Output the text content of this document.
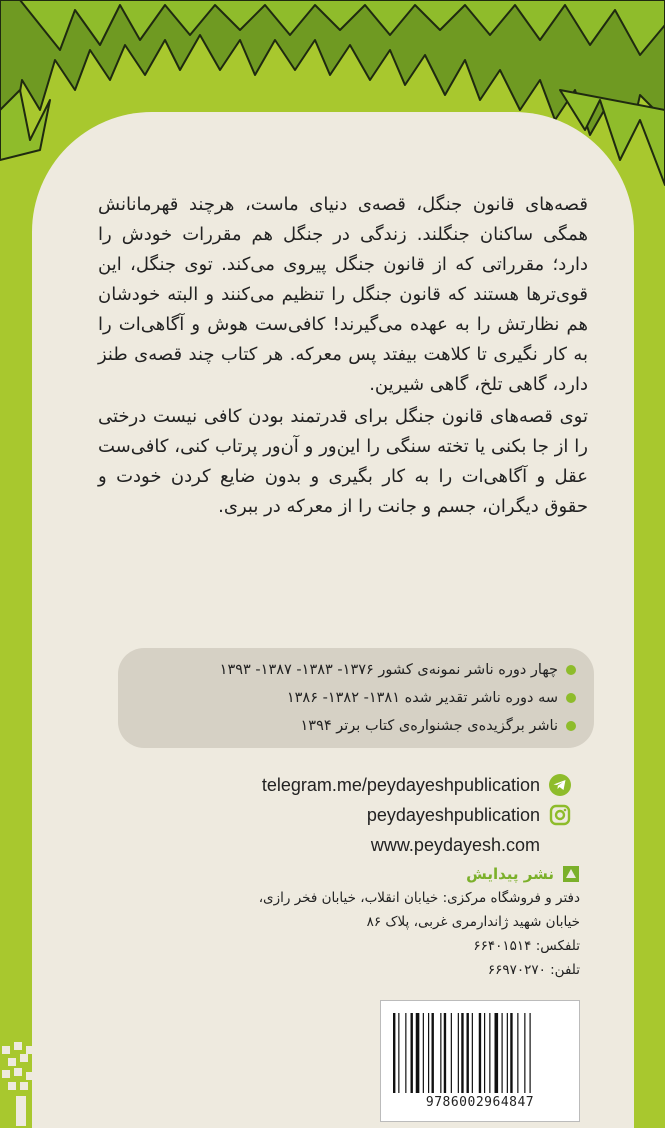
قصه‌های قانون جنگل، قصه‌ی دنیای ماست، هرچند قهرمانانش همگی ساکنان جنگلند. زندگی در جنگل هم مقررات خودش را دارد؛ مقرراتی که از قانون جنگل پیروی می‌کند. توی جنگل، این قوی‌ترها هستند که قانون جنگل را تنظیم می‌کنند و البته خودشان هم نظارتش را به عهده می‌گیرند! کافی‌ست هوش و آگاهی‌ات را به کار نگیری تا کلاهت بیفتد پس معرکه. هر کتاب چند قصه‌ی طنز دارد، گاهی تلخ، گاهی شیرین.

توی قصه‌های قانون جنگل برای قدرتمند بودن کافی نیست درختی را از جا بکنی یا تخته سنگی را این‌ور و آن‌ور پرتاب کنی، کافی‌ست عقل و آگاهی‌ات را به کار بگیری و بدون ضایع کردن خودت و حقوق دیگران، جسم و جانت را از معرکه در ببری.

چهار دوره ناشر نمونه‌ی کشور ۱۳۷۶- ۱۳۸۳- ۱۳۸۷- ۱۳۹۳
سه دوره ناشر تقدیر شده ۱۳۸۱- ۱۳۸۲- ۱۳۸۶
ناشر برگزیده‌ی جشنواره‌ی کتاب برتر ۱۳۹۴
telegram.me/peydayeshpublication
peydayeshpublication
www.peydayesh.com
نشر پیدایش
دفتر و فروشگاه مرکزی: خیابان انقلاب، خیابان فخر رازی،
خیابان شهید ژاندارمری غربی، پلاک ۸۶
تلفکس: ۶۶۴۰۱۵۱۴
تلفن: ۶۶۹۷۰۲۷۰
9786002964847
